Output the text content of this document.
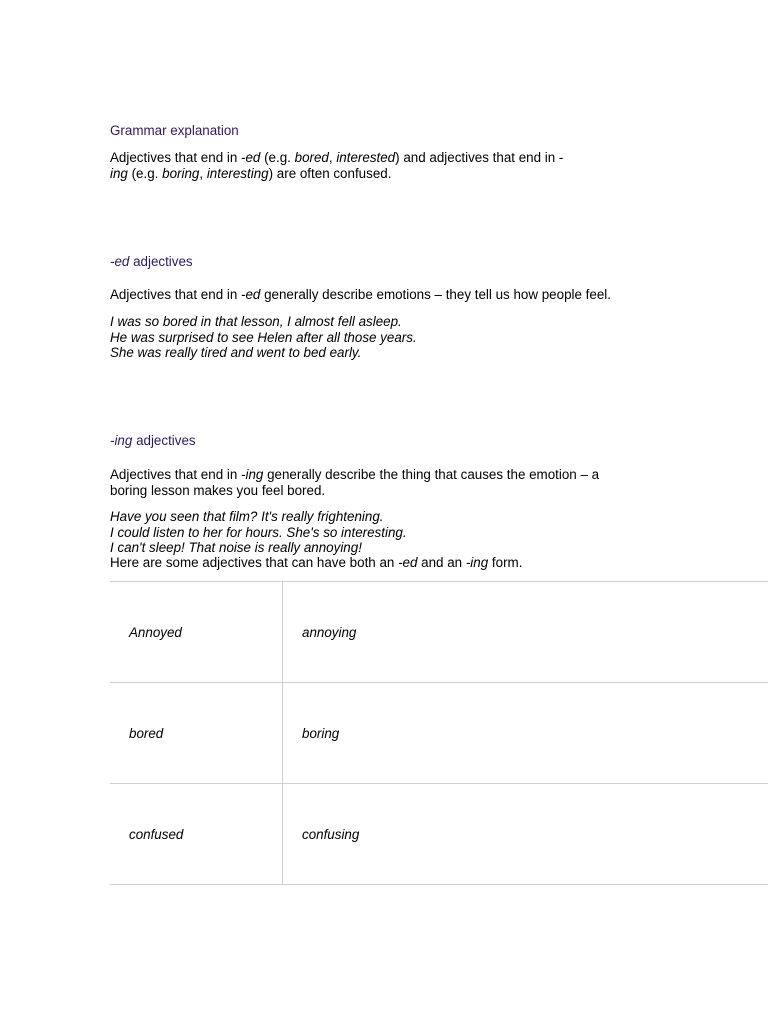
Grammar explanation
Adjectives that end in -ed (e.g. bored, interested) and adjectives that end in -
ing (e.g. boring, interesting) are often confused.
-ed adjectives
Adjectives that end in -ed generally describe emotions – they tell us how people feel.
I was so bored in that lesson, I almost fell asleep.
He was surprised to see Helen after all those years.
She was really tired and went to bed early.
-ing adjectives
Adjectives that end in -ing generally describe the thing that causes the emotion – a
boring lesson makes you feel bored.
Have you seen that film? It's really frightening.
I could listen to her for hours. She's so interesting.
I can't sleep! That noise is really annoying!
Here are some adjectives that can have both an -ed and an -ing form.
Annoyed	annoying
bored	boring
confused	confusing
